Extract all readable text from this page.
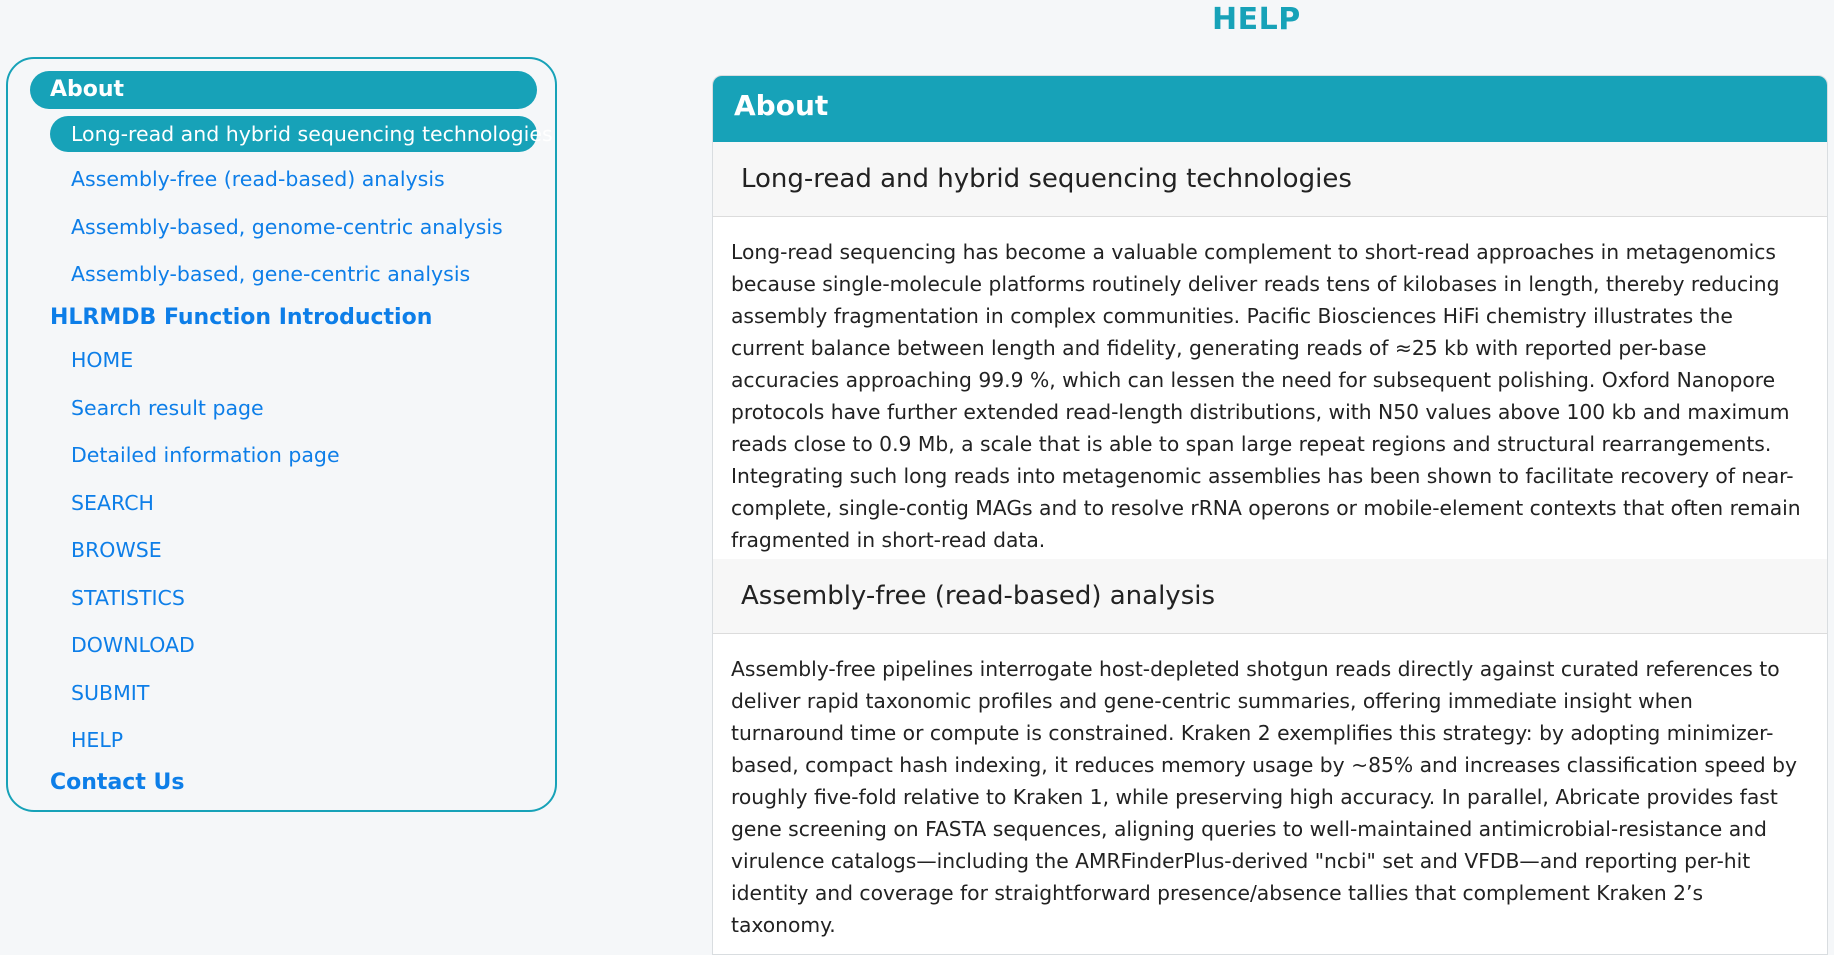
HELP
About
Long-read and hybrid sequencing technologies
Assembly-free (read-based) analysis
Assembly-based, genome-centric analysis
Assembly-based, gene-centric analysis
HLRMDB Function Introduction
HOME
Search result page
Detailed information page
SEARCH
BROWSE
STATISTICS
DOWNLOAD
SUBMIT
HELP
Contact Us
About
Long-read and hybrid sequencing technologies
Long-read sequencing has become a valuable complement to short-read approaches in metagenomics because single-molecule platforms routinely deliver reads tens of kilobases in length, thereby reducing assembly fragmentation in complex communities. Pacific Biosciences HiFi chemistry illustrates the current balance between length and fidelity, generating reads of ≈25 kb with reported per-base accuracies approaching 99.9 %, which can lessen the need for subsequent polishing. Oxford Nanopore protocols have further extended read-length distributions, with N50 values above 100 kb and maximum reads close to 0.9 Mb, a scale that is able to span large repeat regions and structural rearrangements. Integrating such long reads into metagenomic assemblies has been shown to facilitate recovery of near-complete, single-contig MAGs and to resolve rRNA operons or mobile-element contexts that often remain fragmented in short-read data.
Assembly-free (read-based) analysis
Assembly-free pipelines interrogate host-depleted shotgun reads directly against curated references to deliver rapid taxonomic profiles and gene-centric summaries, offering immediate insight when turnaround time or compute is constrained. Kraken 2 exemplifies this strategy: by adopting minimizer-based, compact hash indexing, it reduces memory usage by ~85% and increases classification speed by roughly five-fold relative to Kraken 1, while preserving high accuracy. In parallel, Abricate provides fast gene screening on FASTA sequences, aligning queries to well-maintained antimicrobial-resistance and virulence catalogs—including the AMRFinderPlus-derived "ncbi" set and VFDB—and reporting per-hit identity and coverage for straightforward presence/absence tallies that complement Kraken 2’s taxonomy.
